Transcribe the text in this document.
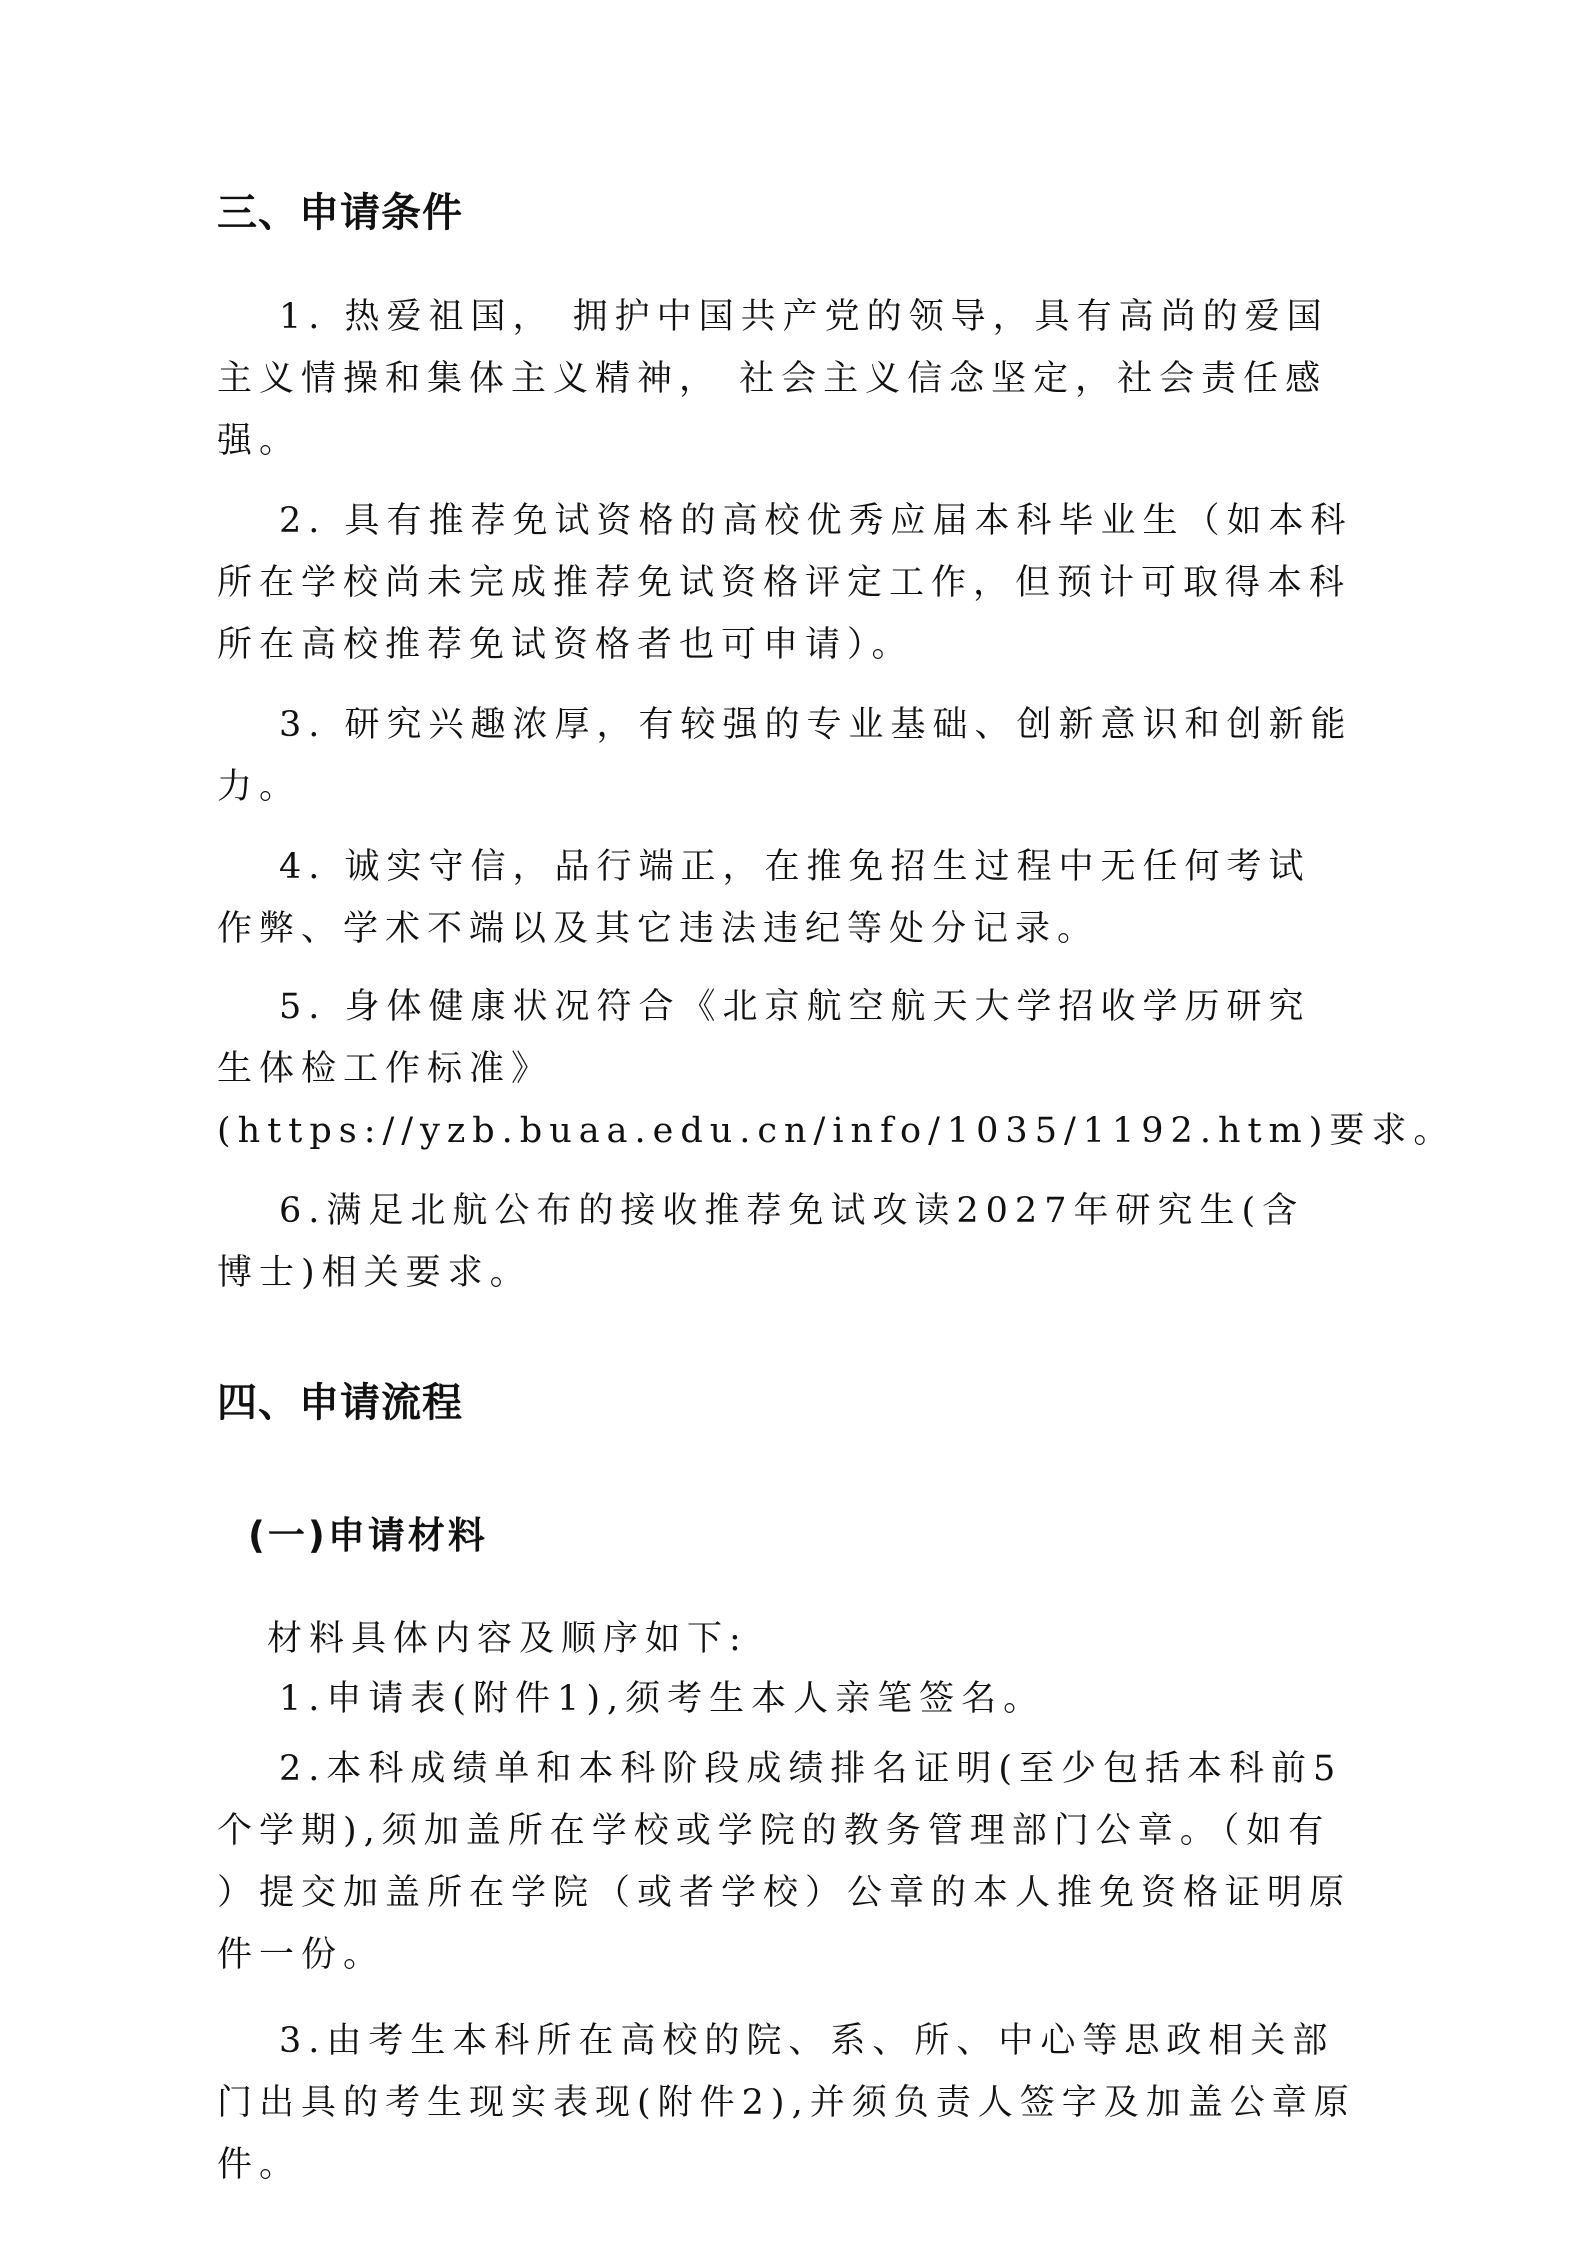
三、申请条件

1. 热爱祖国， 拥护中国共产党的领导，具有高尚的爱国
主义情操和集体主义精神， 社会主义信念坚定，社会责任感
强。

2. 具有推荐免试资格的高校优秀应届本科毕业生（如本科
所在学校尚未完成推荐免试资格评定工作，但预计可取得本科
所在高校推荐免试资格者也可申请）。

3. 研究兴趣浓厚，有较强的专业基础、创新意识和创新能
力。

4. 诚实守信，品行端正，在推免招生过程中无任何考试
作弊、学术不端以及其它违法违纪等处分记录。

5. 身体健康状况符合《北京航空航天大学招收学历研究
生体检工作标准》
(https://yzb.buaa.edu.cn/info/1035/1192.htm)要求。

6.满足北航公布的接收推荐免试攻读2027年研究生(含
博士)相关要求。

四、申请流程
(一)申请材料

材料具体内容及顺序如下:

1.申请表(附件1),须考生本人亲笔签名。

2.本科成绩单和本科阶段成绩排名证明(至少包括本科前5
个学期),须加盖所在学校或学院的教务管理部门公章。（如有
）提交加盖所在学院（或者学校）公章的本人推免资格证明原
件一份。

3.由考生本科所在高校的院、系、所、中心等思政相关部
门出具的考生现实表现(附件2),并须负责人签字及加盖公章原
件。
